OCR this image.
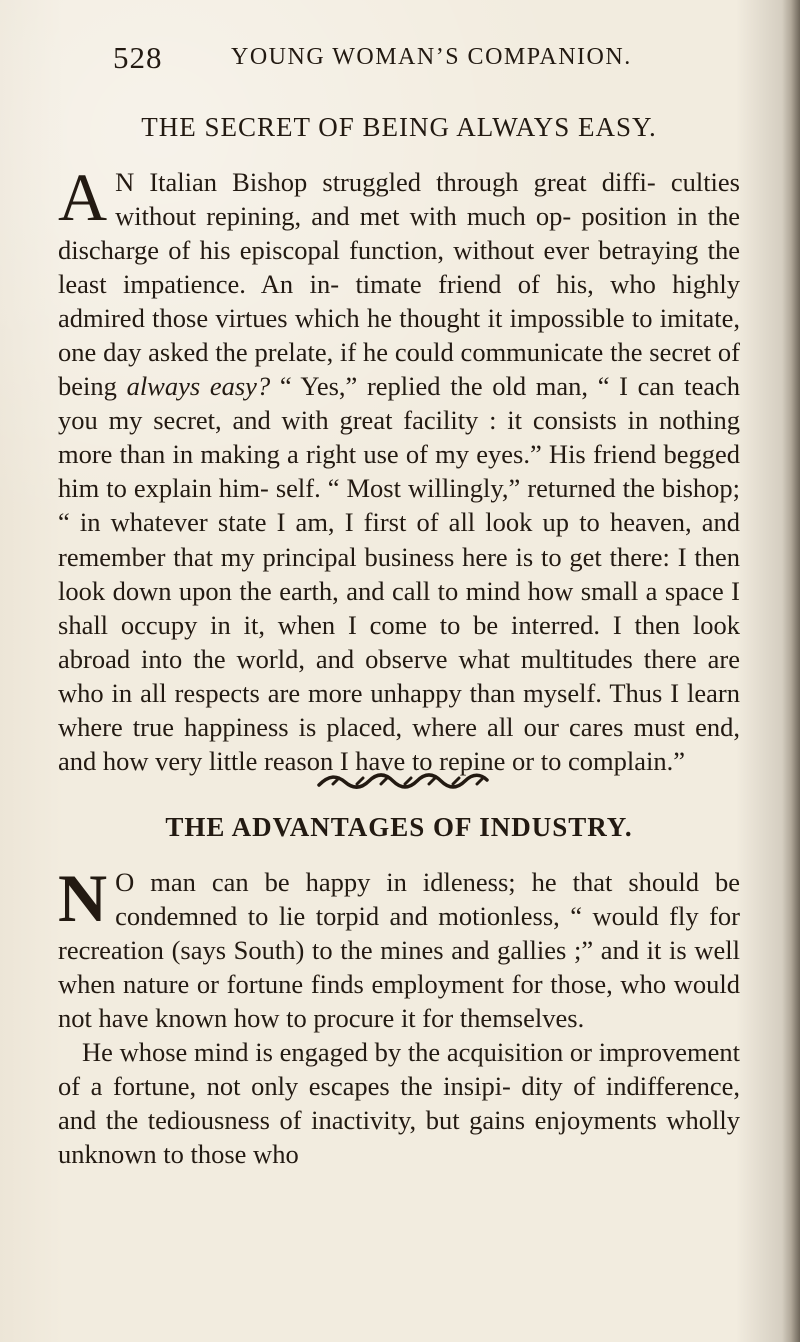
528	YOUNG WOMAN’S COMPANION.
THE SECRET OF BEING ALWAYS EASY.

A N Italian Bishop struggled through great diffi- culties without repining, and met with much op- position in the discharge of his episcopal function, without ever betraying the least impatience. An in- timate friend of his, who highly admired those virtues which he thought it impossible to imitate, one day asked the prelate, if he could communicate the secret of being always easy? “ Yes,” replied the old man, “ I can teach you my secret, and with great facility : it consists in nothing more than in making a right use of my eyes.” His friend begged him to explain him- self. “ Most willingly,” returned the bishop; “ in whatever state I am, I first of all look up to heaven, and remember that my principal business here is to get there: I then look down upon the earth, and call to mind how small a space I shall occupy in it, when I come to be interred. I then look abroad into the world, and observe what multitudes there are who in all respects are more unhappy than myself. Thus I learn where true happiness is placed, where all our cares must end, and how very little reason I have to repine or to complain.”

THE ADVANTAGES OF INDUSTRY.

N O man can be happy in idleness; he that should be condemned to lie torpid and motionless, “ would fly for recreation (says South) to the mines and gallies ;” and it is well when nature or fortune finds employment for those, who would not have known how to procure it for themselves.

He whose mind is engaged by the acquisition or improvement of a fortune, not only escapes the insipi- dity of indifference, and the tediousness of inactivity, but gains enjoyments wholly unknown to those who
